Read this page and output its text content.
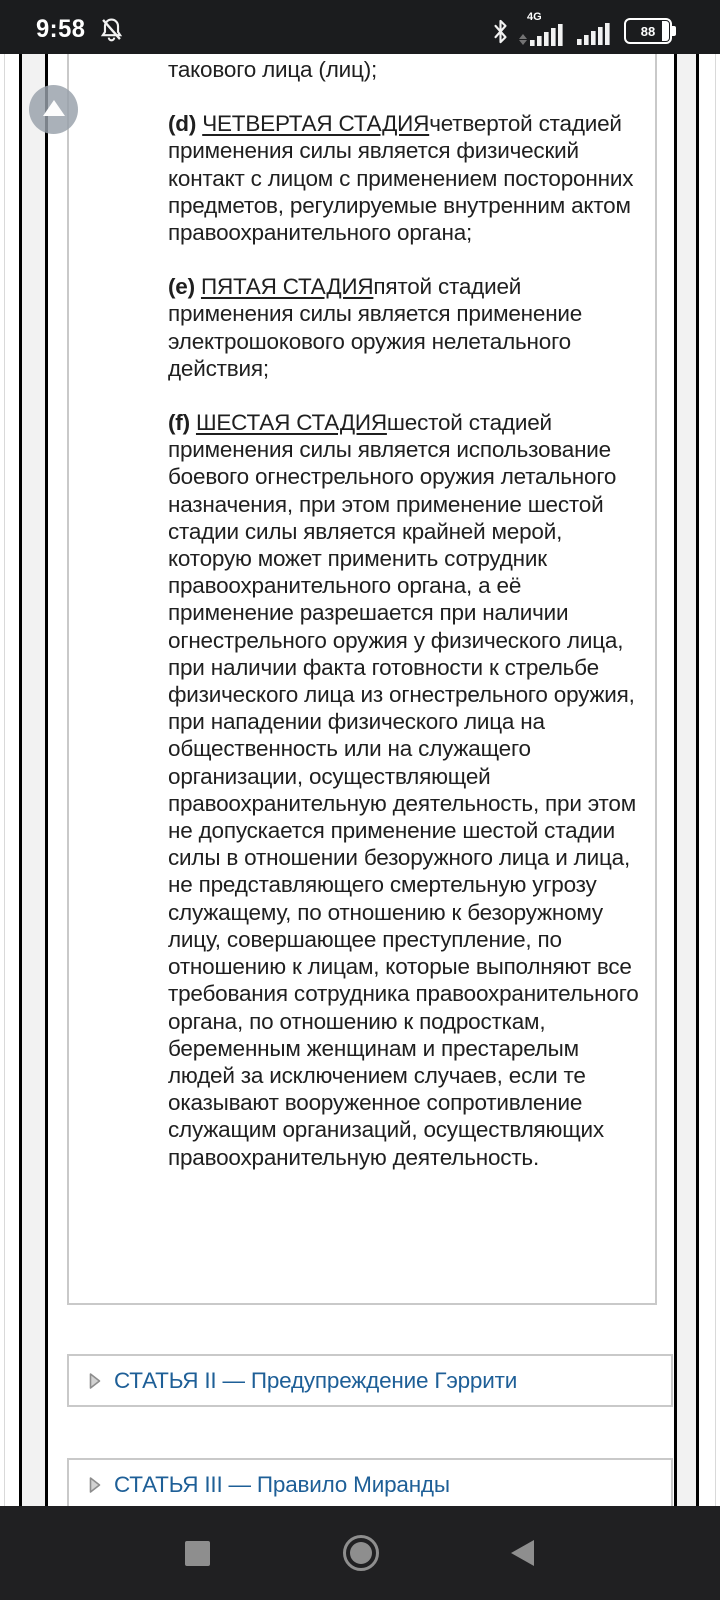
9:58	4G
88

такового лица (лиц);

(d) ЧЕТВЕРТАЯ СТАДИЯчетвертой стадией применения силы является физический контакт с лицом с применением посторонних предметов, регулируемые внутренним актом правоохранительного органа;

(e) ПЯТАЯ СТАДИЯпятой стадией применения силы является применение электрошокового оружия нелетального действия;

(f) ШЕСТАЯ СТАДИЯшестой стадией применения силы является использование боевого огнестрельного оружия летального назначения, при этом применение шестой стадии силы является крайней мерой, которую может применить сотрудник правоохранительного органа, а её применение разрешается при наличии огнестрельного оружия у физического лица, при наличии факта готовности к стрельбе физического лица из огнестрельного оружия, при нападении физического лица на общественность или на служащего организации, осуществляющей правоохранительную деятельность, при этом не допускается применение шестой стадии силы в отношении безоружного лица и лица, не представляющего смертельную угрозу служащему, по отношению к безоружному лицу, совершающее преступление, по отношению к лицам, которые выполняют все требования сотрудника правоохранительного органа, по отношению к подросткам, беременным женщинам и престарелым людей за исключением случаев, если те оказывают вооруженное сопротивление служащим организаций, осуществляющих правоохранительную деятельность.

СТАТЬЯ II — Предупреждение Гэррити
СТАТЬЯ III — Правило Миранды
